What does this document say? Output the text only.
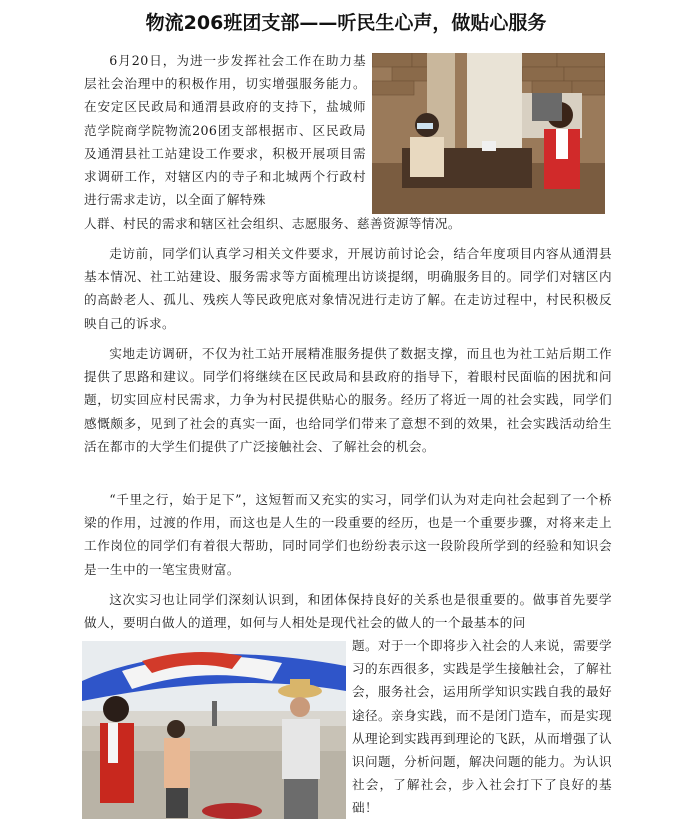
物流206班团支部——听民生心声，做贴心服务

6月20日，为进一步发挥社会工作在助力基层社会治理中的积极作用，切实增强服务能力。在安定区民政局和通渭县政府的支持下，盐城师范学院商学院物流206团支部根据市、区民政局及通渭县社工站建设工作要求，积极开展项目需求调研工作，对辖区内的寺子和北城两个行政村进行需求走访，以全面了解特殊

人群、村民的需求和辖区社会组织、志愿服务、慈善资源等情况。

走访前，同学们认真学习相关文件要求，开展访前讨论会，结合年度项目内容从通渭县基本情况、社工站建设、服务需求等方面梳理出访谈提纲，明确服务目的。同学们对辖区内的高龄老人、孤儿、残疾人等民政兜底对象情况进行走访了解。在走访过程中，村民积极反映自己的诉求。

实地走访调研，不仅为社工站开展精准服务提供了数据支撑，而且也为社工站后期工作提供了思路和建议。同学们将继续在区民政局和县政府的指导下，着眼村民面临的困扰和问题，切实回应村民需求，力争为村民提供贴心的服务。经历了将近一周的社会实践，同学们感慨颇多，见到了社会的真实一面，也给同学们带来了意想不到的效果，社会实践活动给生活在都市的大学生们提供了广泛接触社会、了解社会的机会。

“千里之行，始于足下”，这短暂而又充实的实习，同学们认为对走向社会起到了一个桥梁的作用，过渡的作用，而这也是人生的一段重要的经历，也是一个重要步骤，对将来走上工作岗位的同学们有着很大帮助，同时同学们也纷纷表示这一段阶段所学到的经验和知识会是一生中的一笔宝贵财富。

这次实习也让同学们深刻认识到，和团体保持良好的关系也是很重要的。做事首先要学做人，要明白做人的道理，如何与人相处是现代社会的做人的一个最基本的问

题。对于一个即将步入社会的人来说，需要学习的东西很多，实践是学生接触社会，了解社会，服务社会，运用所学知识实践自我的最好途径。亲身实践，而不是闭门造车，而是实现从理论到实践再到理论的飞跃，从而增强了认识问题，分析问题，解决问题的能力。为认识社会，了解社会，步入社会打下了良好的基础！
